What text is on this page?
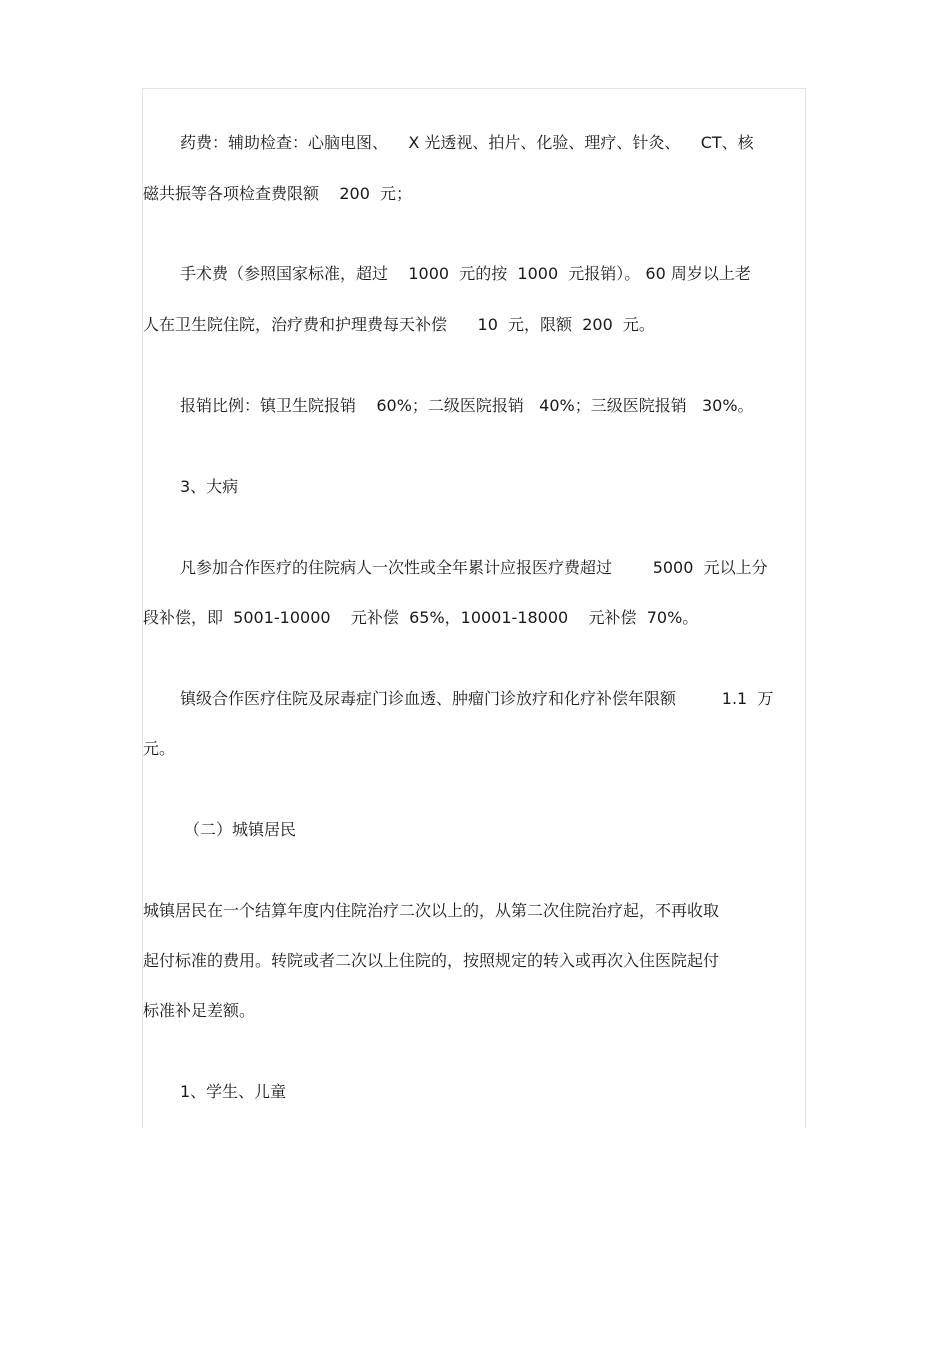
药费：辅助检查：心脑电图、    X 光透视、拍片、化验、理疗、针灸、    CT、核

磁共振等各项检查费限额    200  元；

手术费（参照国家标准，超过    1000  元的按  1000  元报销）。 60 周岁以上老

人在卫生院住院，治疗费和护理费每天补偿      10  元，限额  200  元。

报销比例：镇卫生院报销    60%；二级医院报销   40%；三级医院报销   30%。

3、大病

凡参加合作医疗的住院病人一次性或全年累计应报医疗费超过        5000  元以上分

段补偿，即  5001-10000    元补偿  65%，10001-18000    元补偿  70%。

镇级合作医疗住院及尿毒症门诊血透、肿瘤门诊放疗和化疗补偿年限额         1.1  万

元。

（二）城镇居民

城镇居民在一个结算年度内住院治疗二次以上的，从第二次住院治疗起，不再收取

起付标准的费用。转院或者二次以上住院的，按照规定的转入或再次入住医院起付

标准补足差额。

1、学生、儿童
